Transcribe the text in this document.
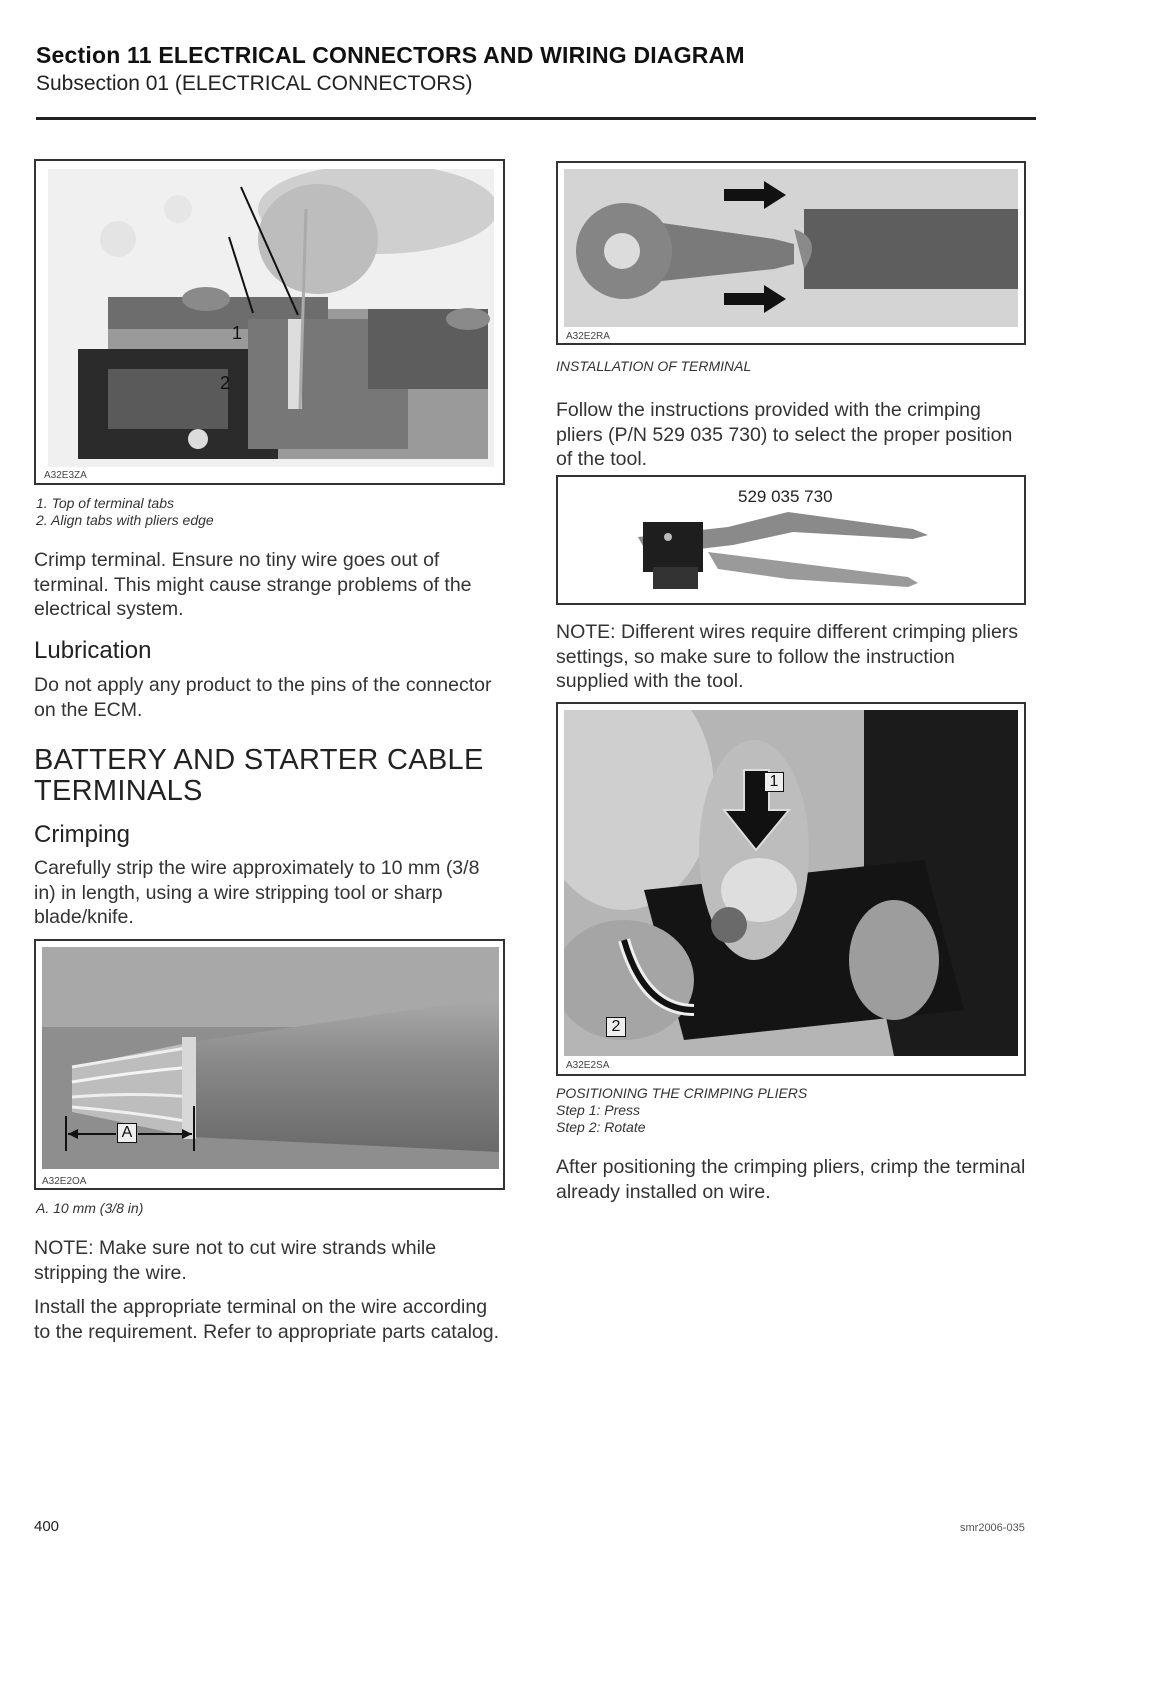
Section 11 ELECTRICAL CONNECTORS AND WIRING DIAGRAM
Subsection 01 (ELECTRICAL CONNECTORS)
1
2
A32E3ZA
1. Top of terminal tabs
2. Align tabs with pliers edge
Crimp terminal. Ensure no tiny wire goes out of terminal. This might cause strange problems of the electrical system.
Lubrication
Do not apply any product to the pins of the connector on the ECM.
BATTERY AND STARTER CABLE TERMINALS
Crimping
Carefully strip the wire approximately to 10 mm (3/8 in) in length, using a wire stripping tool or sharp blade/knife.
A
A32E2OA
A. 10 mm (3/8 in)
NOTE: Make sure not to cut wire strands while stripping the wire.
Install the appropriate terminal on the wire according to the requirement. Refer to appropriate parts catalog.
A32E2RA
INSTALLATION OF TERMINAL
Follow the instructions provided with the crimping pliers (P/N 529 035 730) to select the proper position of the tool.
529 035 730
NOTE: Different wires require different crimping pliers settings, so make sure to follow the instruction supplied with the tool.
1
2
A32E2SA
POSITIONING THE CRIMPING PLIERS
Step 1: Press
Step 2: Rotate
After positioning the crimping pliers, crimp the terminal already installed on wire.
400	smr2006-035
